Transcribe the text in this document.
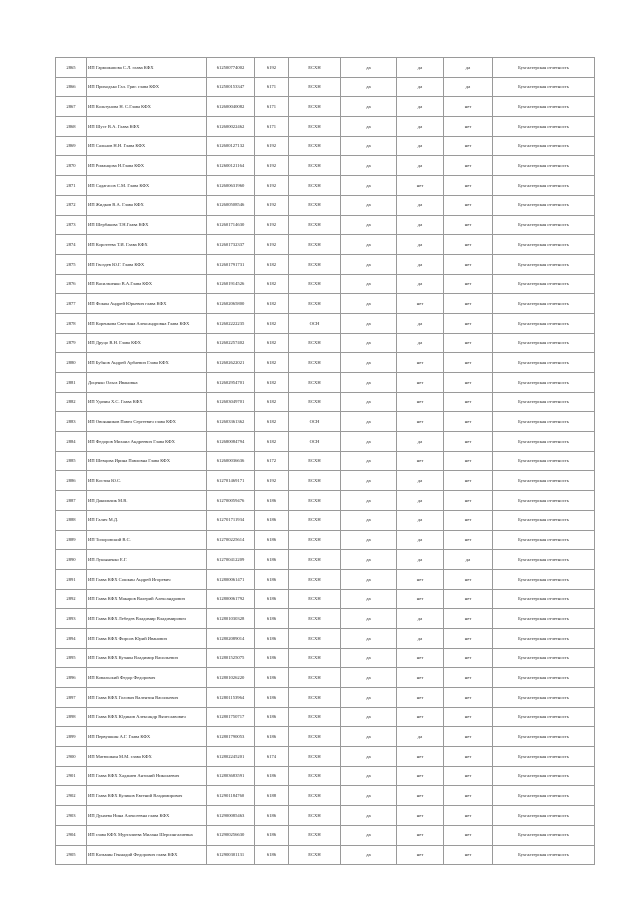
2865	ИП Гарможапова С.Л. глава КФХ	612500774002	6192	ЕСХН	да	да	да	Бухгалтерская отчетность
2866	ИП Приходько Гал. Григ. глава КФХ	612500153347	6171	ЕСХН	да	да	да	Бухгалтерская отчетность
2867	ИП Кольтунова Н. С.Глава КФХ	612600040082	6171	ЕСХН	да	да	нет	Бухгалтерская отчетность
2868	ИП Шуст В.А. Глава КФХ	612600022462	6171	ЕСХН	да	да	нет	Бухгалтерская отчетность
2869	ИП Сальнов Н.Н. Глава КФХ	612600127132	6192	ЕСХН	да	да	нет	Бухгалтерская отчетность
2870	ИП Романцова Н.Глава КФХ	612600121164	6192	ЕСХН	да	да	нет	Бухгалтерская отчетность
2871	ИП Садагасов С.М. Глава КФХ	612600631960	6192	ЕСХН	да	нет	нет	Бухгалтерская отчетность
2872	ИП Жидков В.А. Глава КФХ	612600508546	6192	ЕСХН	да	да	нет	Бухгалтерская отчетность
2873	ИП Шербакова Т.Н.Глава КФХ	612601714630	6192	ЕСХН	да	да	нет	Бухгалтерская отчетность
2874	ИП Коротеева Т.И. Глава КФХ	612601732337	6192	ЕСХН	да	да	нет	Бухгалтерская отчетность
2875	ИП Гвоздев Ю.Г. Глава КФХ	612601791731	6182	ЕСХН	да	да	нет	Бухгалтерская отчетность
2876	ИП Васильченко В.А.Глава КФХ	612601914526	6182	ЕСХН	да	да	нет	Бухгалтерская отчетность
2877	ИП Фокин Андрей Юрьевич глава КФХ	612602065800	6182	ЕСХН	да	нет	нет	Бухгалтерская отчетность
2878	ИП Коренкова Светлана Александровна Глава КФХ	612602222235	6182	ОСН	да	да	нет	Бухгалтерская отчетность
2879	ИП Друцо В.Н. Глава КФХ	612602257402	6182	ЕСХН	да	да	нет	Бухгалтерская отчетность
2880	ИП Бубнов Андрей Арбаевич Глава КФХ	612602622021	6182	ЕСХН	да	нет	нет	Бухгалтерская отчетность
2881	Доценко Ольга Ивановна	612602954701	6182	ЕСХН	да	нет	нет	Бухгалтерская отчетность
2882	ИП Удачин Х.С. Глава КФХ	612603049701	6182	ЕСХН	да	нет	нет	Бухгалтерская отчетность
2883	ИП Овсянников Павел Сергеевич глава КФХ	612603361362	6182	ОСН	да	нет	нет	Бухгалтерская отчетность
2884	ИП Федоров Михаил Андреевич Глава КФХ	612680084794	6182	ОСН	да	да	нет	Бухгалтерская отчетность
2885	ИП Шевцова Ирина Павловна Глава КФХ	612600036636	6172	ЕСХН	да	нет	нет	Бухгалтерская отчетность
2886	ИП Костин Ю.С.	612701469171	6192	ЕСХН	да	да	нет	Бухгалтерская отчетность
2887	ИП Данильчик М.В.	612700059476	6186	ЕСХН	да	да	нет	Бухгалтерская отчетность
2888	ИП Галич М.Д.	612701711934	6186	ЕСХН	да	да	нет	Бухгалтерская отчетность
2889	ИП Топоровский В.С.	612700225614	6186	ЕСХН	да	да	нет	Бухгалтерская отчетность
2890	ИП Лукьяненко Е.Г.	612700412209	6186	ЕСХН	да	да	да	Бухгалтерская отчетность
2891	ИП Глава КФХ Сошкин Андрей Игоревич	612800061471	6186	ЕСХН	да	нет	нет	Бухгалтерская отчетность
2892	ИП Глава КФХ Макаров Валерий Александрович	612800061792	6186	ЕСХН	да	нет	нет	Бухгалтерская отчетность
2893	ИП Глава КФХ Лебедев Владимир Владимирович	612801030328	6186	ЕСХН	да	да	нет	Бухгалтерская отчетность
2894	ИП Глава КФХ Фирсов Юрий Иванович	612802089014	6186	ЕСХН	да	да	нет	Бухгалтерская отчетность
2895	ИП Глава КФХ Кузнин Владимир Васильевич	612801525075	6186	ЕСХН	да	нет	нет	Бухгалтерская отчетность
2896	ИП Ковальский Федор Федорович	612801026220	6186	ЕСХН	да	нет	нет	Бухгалтерская отчетность
2897	ИП Глава КФХ Головач Валентин Васильевич	612801153964	6186	ЕСХН	да	нет	нет	Бухгалтерская отчетность
2898	ИП Глава КФХ Юдинов Александр Вячеславович	612801750717	6186	ЕСХН	да	нет	нет	Бухгалтерская отчетность
2899	ИП Первушкин А.Г. Глава КФХ	612801790053	6186	ЕСХН	да	да	нет	Бухгалтерская отчетность
2900	ИП Матюшкин М.М. глава КФХ	612802245201	6174	ЕСХН	да	нет	нет	Бухгалтерская отчетность
2901	ИП Глава КФХ Хаджиев Антоний Николаевич	612803683591	6186	ЕСХН	да	нет	нет	Бухгалтерская отчетность
2902	ИП Глава КФХ Куликов Евгений Владимирович	612901184760	6188	ЕСХН	да	нет	нет	Бухгалтерская отчетность
2903	ИП Дунаева Нина Алексеевна глава КФХ	612900085463	6186	ЕСХН	да	нет	нет	Бухгалтерская отчетность
2904	ИП глава КФХ Мурталиева Милана Шерсингалиевна	612900256630	6186	ЕСХН	да	нет	нет	Бухгалтерская отчетность
2905	ИП Казьмин Геннадий Федорович глава КФХ	612900301131	6186	ЕСХН	да	нет	нет	Бухгалтерская отчетность
